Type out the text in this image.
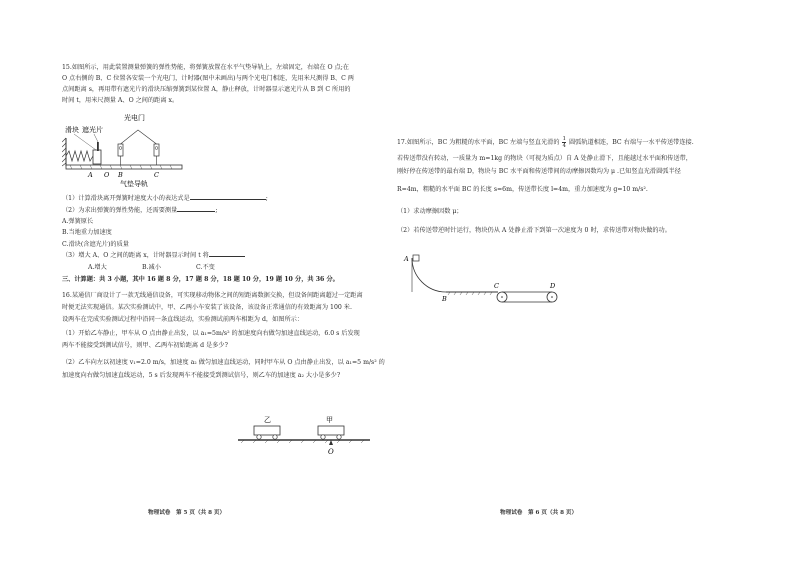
15.如图所示，用此装置测量弹簧的弹性势能，将弹簧放置在水平气垫导轨上，左端固定，右端在 O 点;在
O 点右侧的 B、C 位置各安装一个光电门，计时器(图中未画出)与两个光电门相连，先用米尺测得 B、C 两
点间距离 s，再用带有遮光片的滑块压缩弹簧到某位置 A，静止释放，计时器显示遮光片从 B 到 C 所用的
时间 t，用米尺测量 A、O 之间的距离 x。
滑块 遮光片
光电门
A O B	C
气垫导轨
（1）计算滑块离开弹簧时速度大小的表达式是	;
（2）为求出弹簧的弹性势能，还需要测量	;
A.弹簧原长
B.当地重力加速度
C.滑块(含遮光片)的质量
（3）增大 A、O 之间的距离 x，计时器显示时间 t 将
A.增大	B.减小	C.不变
三、计算题：共 3 小题，其中 16 题 8 分，17 题 8 分，18 题 10 分，19 题 10 分，共 36 分。
16.某通信厂商设计了一款无线通信设备，可实现移动物体之间的短距离数据交换，但设备间距离超过一定距离
时便无法实现通信。某次实验测试中，甲、乙两小车安装了该设备，该设备正常通信的有效距离为 100 米.
设两车在完成实验测试过程中沿同一条直线运动，实验测试前两车相距为 d，如图所示：
（1）开始乙车静止，甲车从 O 点由静止出发，以 a₁=5m/s² 的加速度向右做匀加速直线运动，6.0 s 后发现
两车不能接受到测试信号，则甲、乙两车初始距离 d 是多少?
（2）乙车向左以初速度 v₁=2.0 m/s，加速度 a₂ 做匀加速直线运动，同时甲车从 O 点由静止出发，以 a₁=5 m/s² 的
加速度向右做匀加速直线运动，5 s 后发现两车不能接受到测试信号，则乙车的加速度 a₂ 大小是多少?
乙	甲
O
物理试卷　第 5 页（共 8 页）
17.如图所示，BC 为粗糙的水平面，BC 左端与竖直光滑的 $\frac{1}{4}$ 圆弧轨道相连，BC 右端与一水平传送带连接.
若传送带没有转动，一质量为 m=1kg 的物块（可视为质点）自 A 处静止滑下，且能越过水平面和传送带，
刚好停在传送带的最右端 D，物块与 BC 水平面和传送带间的动摩擦因数均为 μ .已知竖直光滑圆弧半径
R=4m，粗糙的水平面 BC 的长度 s=6m，传送带长度 l=4m，重力加速度为 g=10 m/s².
（1）求动摩擦因数 μ；
（2）若传送带逆时针运行，物块仍从 A 处静止滑下到第一次速度为 0 时，求传送带对物块做的功。
A
B
C	D
物理试卷　第 6 页（共 8 页）
